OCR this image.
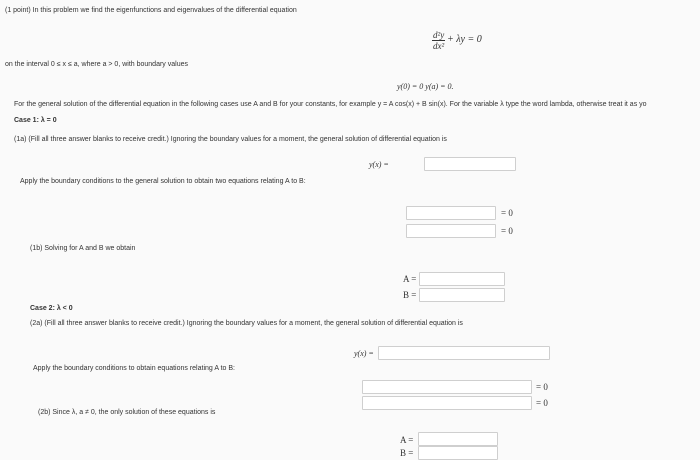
(1 point) In this problem we find the eigenfunctions and eigenvalues of the differential equation
$\frac{\text{d²y}}{\text{dx²}} + \lambda y = 0$
on the interval 0 ≤ x ≤ a, where a > 0, with boundary values
y(0) = 0 y(a) = 0.
For the general solution of the differential equation in the following cases use A and B for your constants, for example y = A cos(x) + B sin(x). For the variable λ type the word lambda, otherwise treat it as yo
Case 1: λ = 0
(1a) (Fill all three answer blanks to receive credit.) Ignoring the boundary values for a moment, the general solution of differential equation is
y(x) =
Apply the boundary conditions to the general solution to obtain two equations relating A to B:
= 0
= 0
(1b) Solving for A and B we obtain
A =
B =
Case 2: λ < 0
(2a) (Fill all three answer blanks to receive credit.) Ignoring the boundary values for a moment, the general solution of differential equation is
y(x) =
Apply the boundary conditions to obtain equations relating A to B:
= 0
= 0
(2b) Since λ, a ≠ 0, the only solution of these equations is
A =
B =
